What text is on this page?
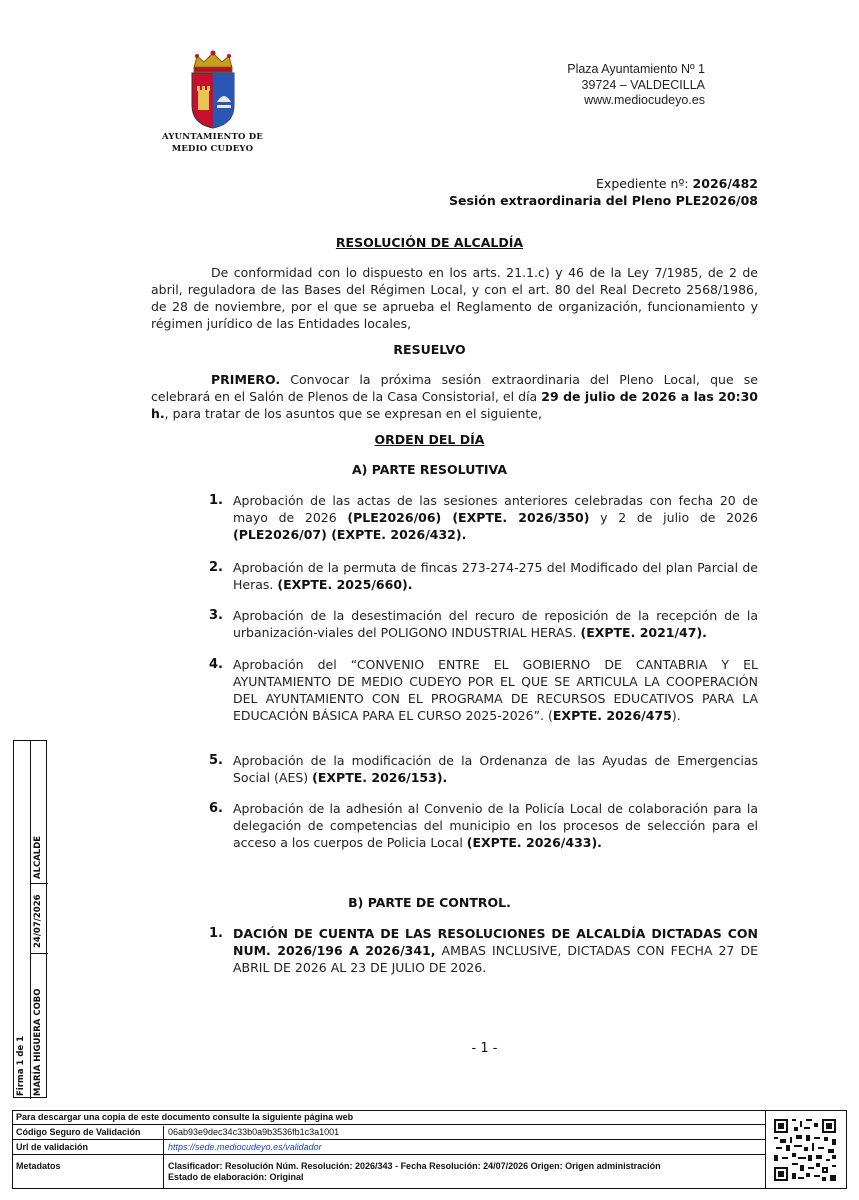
AYUNTAMIENTO DE
MEDIO CUDEYO
Plaza Ayuntamiento Nº 1
39724 – VALDECILLA
www.mediocudeyo.es
Expediente nº: 2026/482
Sesión extraordinaria del Pleno PLE2026/08
RESOLUCIÓN DE ALCALDÍA
De conformidad con lo dispuesto en los arts. 21.1.c) y 46 de la Ley 7/1985, de 2 de abril, reguladora de las Bases del Régimen Local, y con el art. 80 del Real Decreto 2568/1986, de 28 de noviembre, por el que se aprueba el Reglamento de organización, funcionamiento y régimen jurídico de las Entidades locales,
RESUELVO
PRIMERO. Convocar la próxima sesión extraordinaria del Pleno Local, que se celebrará en el Salón de Plenos de la Casa Consistorial, el día 29 de julio de 2026 a las 20:30 h., para tratar de los asuntos que se expresan en el siguiente,
ORDEN DEL DÍA
A) PARTE RESOLUTIVA
1. Aprobación de las actas de las sesiones anteriores celebradas con fecha 20 de mayo de 2026 (PLE2026/06) (EXPTE. 2026/350) y 2 de julio de 2026 (PLE2026/07) (EXPTE. 2026/432).
2. Aprobación de la permuta de fincas 273-274-275 del Modificado del plan Parcial de Heras. (EXPTE. 2025/660).
3. Aprobación de la desestimación del recuro de reposición de la recepción de la urbanización-viales del POLIGONO INDUSTRIAL HERAS. (EXPTE. 2021/47).
4. Aprobación del “CONVENIO ENTRE EL GOBIERNO DE CANTABRIA Y EL AYUNTAMIENTO DE MEDIO CUDEYO POR EL QUE SE ARTICULA LA COOPERACIÓN DEL AYUNTAMIENTO CON EL PROGRAMA DE RECURSOS EDUCATIVOS PARA LA EDUCACIÓN BÁSICA PARA EL CURSO 2025-2026”. (EXPTE. 2026/475).
5. Aprobación de la modificación de la Ordenanza de las Ayudas de Emergencias Social (AES) (EXPTE. 2026/153).
6. Aprobación de la adhesión al Convenio de la Policía Local de colaboración para la delegación de competencias del municipio en los procesos de selección para el acceso a los cuerpos de Policia Local (EXPTE. 2026/433).
B) PARTE DE CONTROL.
1. DACIÓN DE CUENTA DE LAS RESOLUCIONES DE ALCALDÍA DICTADAS CON NUM. 2026/196 A 2026/341, AMBAS INCLUSIVE, DICTADAS CON FECHA 27 DE ABRIL DE 2026 AL 23 DE JULIO DE 2026.
- 1 -
Firma 1 de 1 MARÍA HIGUERA COBO
24/07/2026
ALCALDE
Para descargar una copia de este documento consulte la siguiente página web
Código Seguro de Validación	06ab93e9dec34c33b0a9b3536fb1c3a1001
Url de validación	https://sede.mediocudeyo.es/validador
Metadatos	Clasificador: Resolución Núm. Resolución: 2026/343 - Fecha Resolución: 24/07/2026 Origen: Origen administración
Estado de elaboración: Original
